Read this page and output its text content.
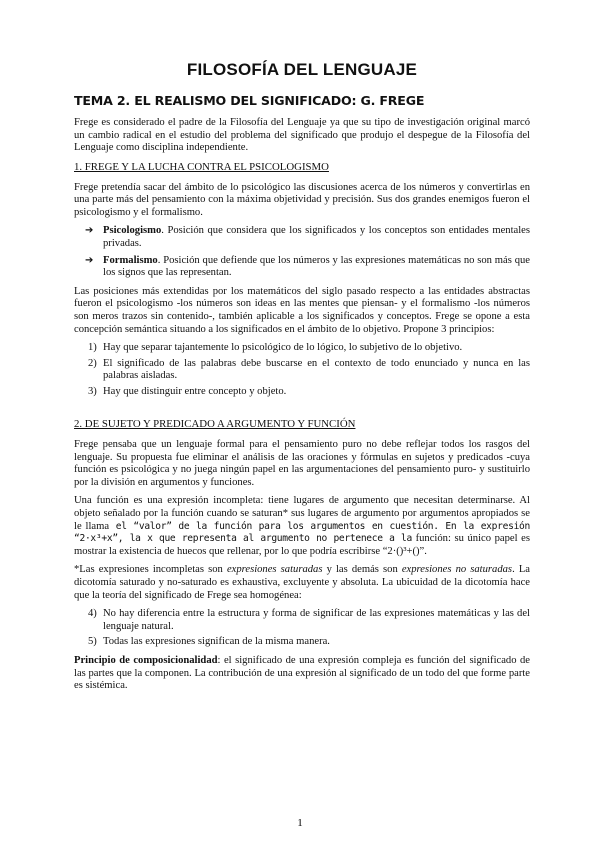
FILOSOFÍA DEL LENGUAJE
TEMA 2. EL REALISMO DEL SIGNIFICADO: G. FREGE

Frege es considerado el padre de la Filosofía del Lenguaje ya que su tipo de investigación original marcó un cambio radical en el estudio del problema del significado que produjo el despegue de la Filosofía del Lenguaje como disciplina independiente.

1. FREGE Y LA LUCHA CONTRA EL PSICOLOGISMO

Frege pretendía sacar del ámbito de lo psicológico las discusiones acerca de los números y convertirlas en una parte más del pensamiento con la máxima objetividad y precisión. Sus dos grandes enemigos fueron el psicologismo y el formalismo.

➔ Psicologismo. Posición que considera que los significados y los conceptos son entidades mentales privadas.
➔ Formalismo. Posición que defiende que los números y las expresiones matemáticas no son más que los signos que las representan.

Las posiciones más extendidas por los matemáticos del siglo pasado respecto a las entidades abstractas fueron el psicologismo -los números son ideas en las mentes que piensan- y el formalismo -los números son meros trazos sin contenido-, también aplicable a los significados y conceptos. Frege se opone a esta concepción semántica situando a los significados en el ámbito de lo objetivo. Propone 3 principios:

1) Hay que separar tajantemente lo psicológico de lo lógico, lo subjetivo de lo objetivo.
2) El significado de las palabras debe buscarse en el contexto de todo enunciado y nunca en las palabras aisladas.
3) Hay que distinguir entre concepto y objeto.
2. DE SUJETO Y PREDICADO A ARGUMENTO Y FUNCIÓN

Frege pensaba que un lenguaje formal para el pensamiento puro no debe reflejar todos los rasgos del lenguaje. Su propuesta fue eliminar el análisis de las oraciones y fórmulas en sujetos y predicados -cuya función es psicológica y no juega ningún papel en las argumentaciones del pensamiento puro- y sustituirlo por la división en argumentos y funciones.

Una función es una expresión incompleta: tiene lugares de argumento que necesitan determinarse. Al objeto señalado por la función cuando se saturan* sus lugares de argumento por argumentos apropiados se le llama el “valor” de la función para los argumentos en cuestión. En la expresión “2·x³+x”, la x que representa al argumento no pertenece a la función: su único papel es mostrar la existencia de huecos que rellenar, por lo que podría escribirse “2·()³+()”.

*Las expresiones incompletas son expresiones saturadas y las demás son expresiones no saturadas. La dicotomía saturado y no-saturado es exhaustiva, excluyente y absoluta. La ubicuidad de la dicotomía hace que la teoría del significado de Frege sea homogénea:

4) No hay diferencia entre la estructura y forma de significar de las expresiones matemáticas y las del lenguaje natural.
5) Todas las expresiones significan de la misma manera.

Principio de composicionalidad: el significado de una expresión compleja es función del significado de las partes que la componen. La contribución de una expresión al significado de un todo del que forme parte es sistémica.

1
